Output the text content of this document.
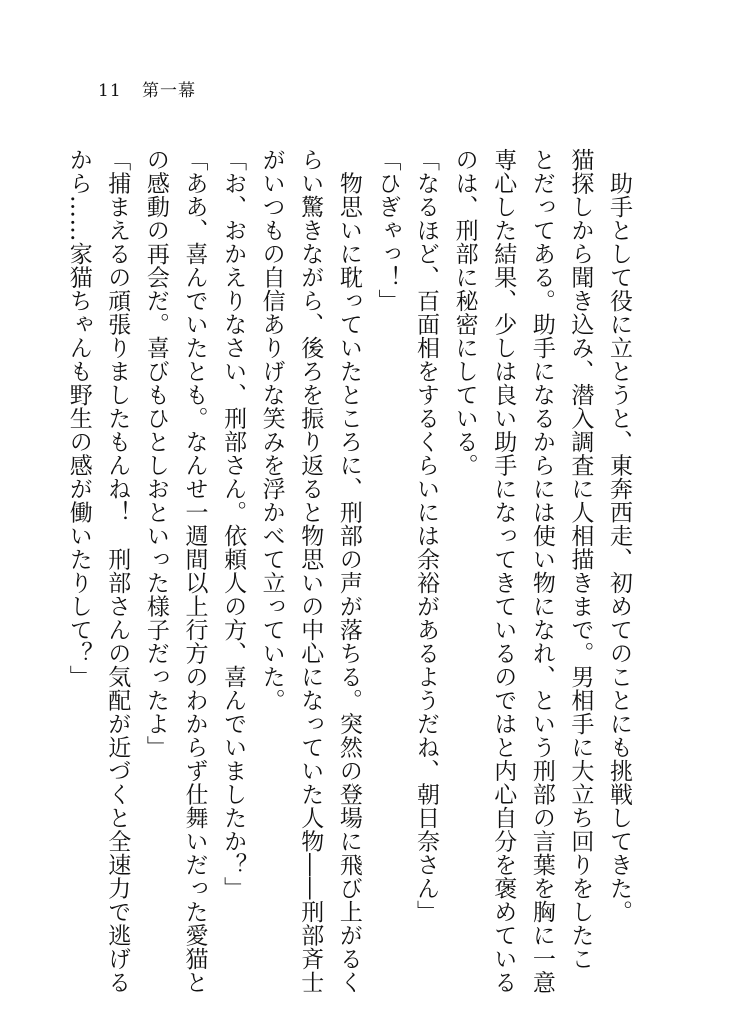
11 第一幕

　助手として役に立とうと、東奔西走、初めてのことにも挑戦してきた。

猫探しから聞き込み、潜入調査に人相描きまで。男相手に大立ち回りをしたこ

とだってある。助手になるからには使い物になれ、という刑部の言葉を胸に一意

専心した結果、少しは良い助手になってきているのではと内心自分を褒めている

のは、刑部に秘密にしている。

「なるほど、百面相をするくらいには余裕があるようだね、朝日奈さん」

「ひぎゃっ！」

　物思いに耽っていたところに、刑部の声が落ちる。突然の登場に飛び上がるく

らい驚きながら、後ろを振り返ると物思いの中心になっていた人物――刑部斉士

がいつもの自信ありげな笑みを浮かべて立っていた。

「お、おかえりなさい、刑部さん。依頼人の方、喜んでいましたか？」

「ああ、喜んでいたとも。なんせ一週間以上行方のわからず仕舞いだった愛猫と

の感動の再会だ。喜びもひとしおといった様子だったよ」

「捕まえるの頑張りましたもんね！　刑部さんの気配が近づくと全速力で逃げる

から……家猫ちゃんも野生の感が働いたりして？」
